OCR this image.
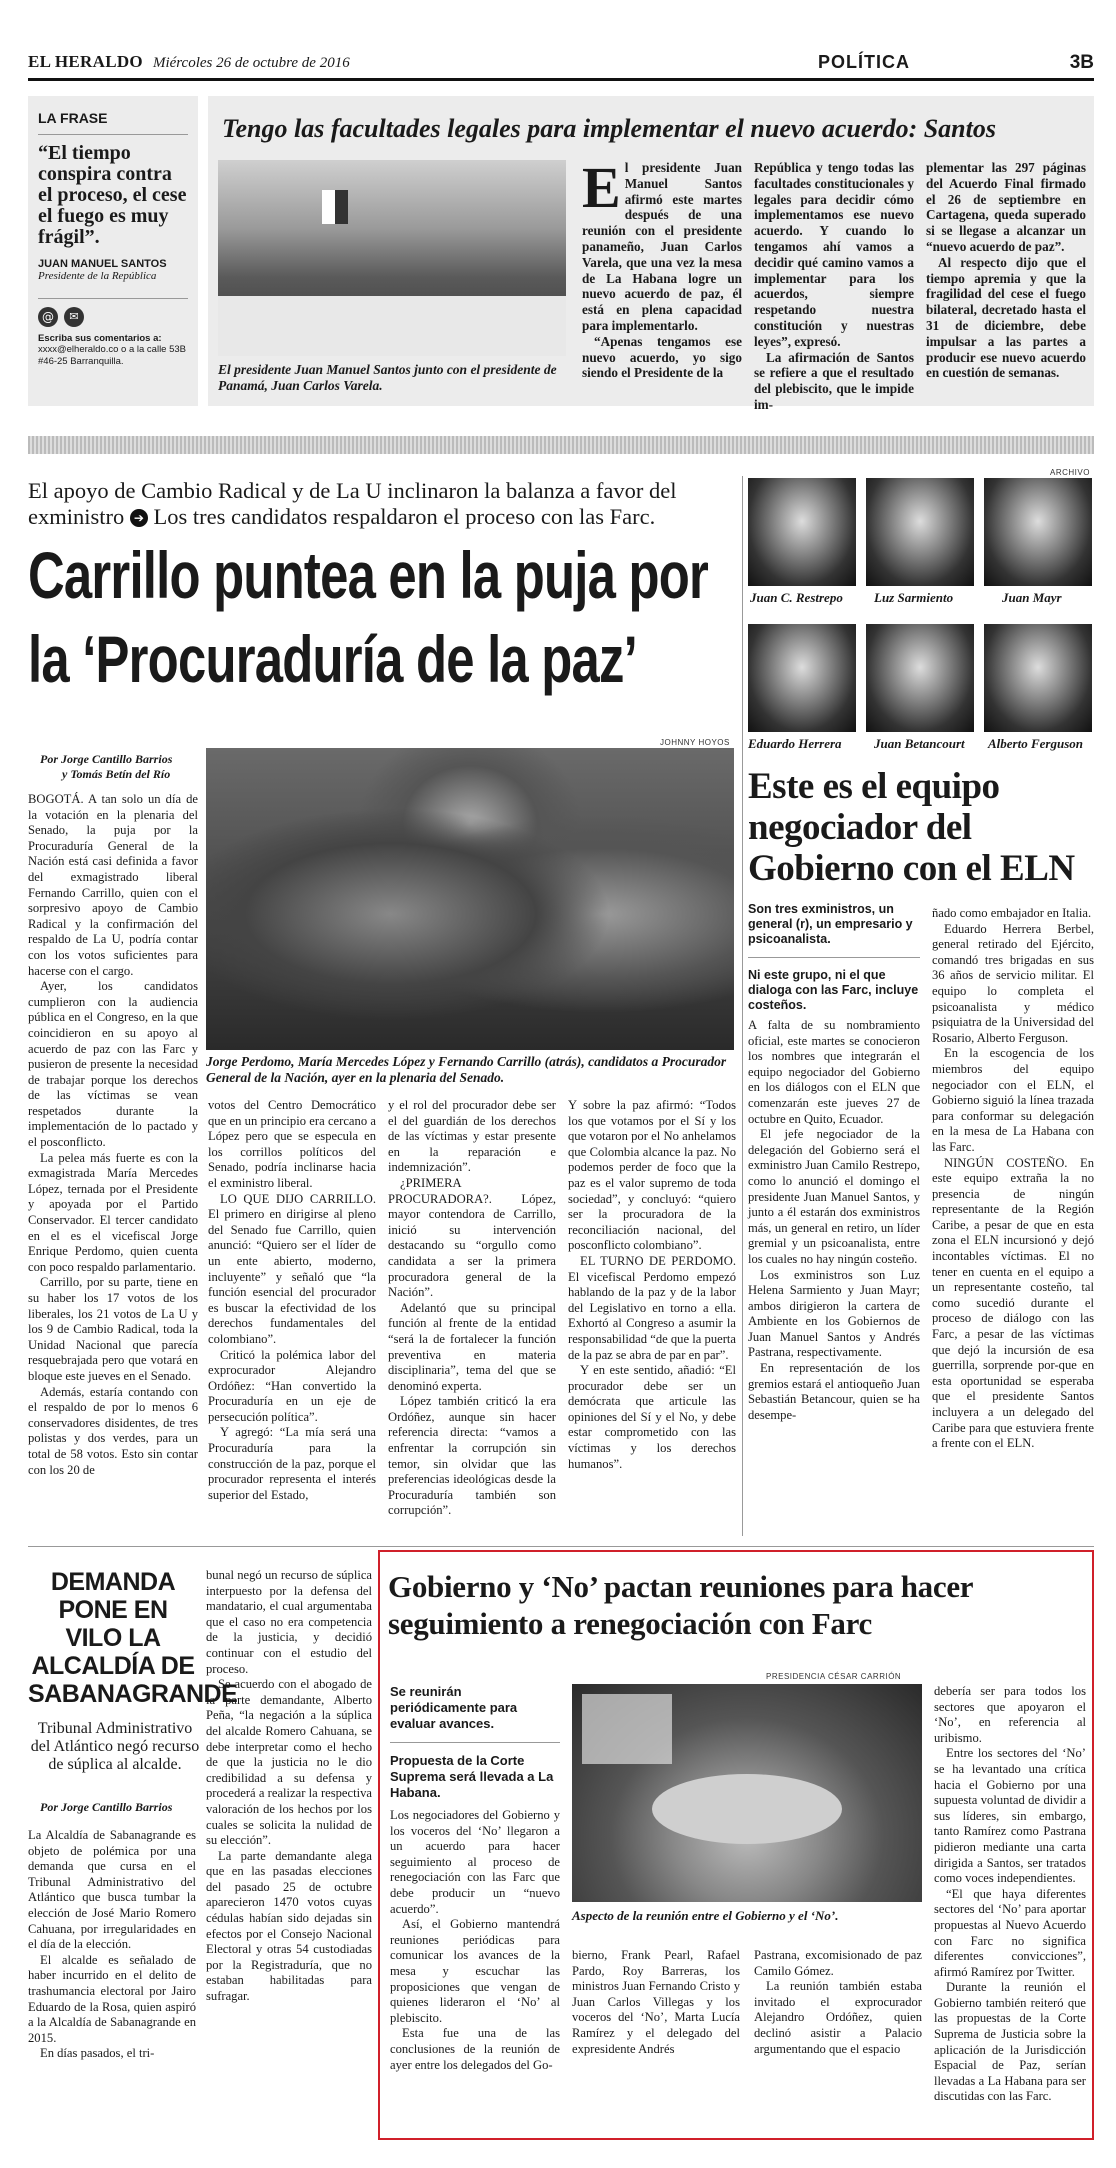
EL HERALDO Miércoles 26 de octubre de 2016	POLÍTICA	3B
LA FRASE
“El tiempo conspira contra el proceso, el cese el fuego es muy frágil”.
JUAN MANUEL SANTOS
Presidente de la República
@	✉
Escriba sus comentarios a:
xxxx@elheraldo.co o a la calle 53B #46-25 Barranquilla.
Tengo las facultades legales para implementar el nuevo acuerdo: Santos
El presidente Juan Manuel Santos junto con el presidente de Panamá, Juan Carlos Varela.
El presidente Juan Manuel Santos afirmó este martes después de una reunión con el presidente panameño, Juan Carlos Varela, que una vez la mesa de La Habana logre un nuevo acuerdo de paz, él está en plena capacidad para implementarlo.

“Apenas tengamos ese nuevo acuerdo, yo sigo siendo el Presidente de la

República y tengo todas las facultades constitucionales y legales para decidir cómo implementamos ese nuevo acuerdo. Y cuando lo tengamos ahí vamos a decidir qué camino vamos a implementar para los acuerdos, siempre respetando nuestra constitución y nuestras leyes”, expresó.

La afirmación de Santos se refiere a que el resultado del plebiscito, que le impide im-

plementar las 297 páginas del Acuerdo Final firmado el 26 de septiembre en Cartagena, queda superado si se llegase a alcanzar un “nuevo acuerdo de paz”.

Al respecto dijo que el tiempo apremia y que la fragilidad del cese el fuego bilateral, decretado hasta el 31 de diciembre, debe impulsar a las partes a producir ese nuevo acuerdo en cuestión de semanas.

El apoyo de Cambio Radical y de La U inclinaron la balanza a favor del exministro ➔ Los tres candidatos respaldaron el proceso con las Farc.
Carrillo puntea en la puja por
la ‘Procuraduría de la paz’
Por Jorge Cantillo Barrios
y Tomás Betín del Río
JOHNNY HOYOS
Jorge Perdomo, María Mercedes López y Fernando Carrillo (atrás), candidatos a Procurador General de la Nación, ayer en la plenaria del Senado.

BOGOTÁ. A tan solo un día de la votación en la plenaria del Senado, la puja por la Procuraduría General de la Nación está casi definida a favor del exmagistrado liberal Fernando Carrillo, quien con el sorpresivo apoyo de Cambio Radical y la confirmación del respaldo de La U, podría contar con los votos suficientes para hacerse con el cargo.

Ayer, los candidatos cumplieron con la audiencia pública en el Congreso, en la que coincidieron en su apoyo al acuerdo de paz con las Farc y pusieron de presente la necesidad de trabajar porque los derechos de las víctimas se vean respetados durante la implementación de lo pactado y el posconflicto.

La pelea más fuerte es con la exmagistrada María Mercedes López, ternada por el Presidente y apoyada por el Partido Conservador. El tercer candidato en el es el vicefiscal Jorge Enrique Perdomo, quien cuenta con poco respaldo parlamentario.

Carrillo, por su parte, tiene en su haber los 17 votos de los liberales, los 21 votos de La U y los 9 de Cambio Radical, toda la Unidad Nacional que parecía resquebrajada pero que votará en bloque este jueves en el Senado.

Además, estaría contando con el respaldo de por lo menos 6 conservadores disidentes, de tres polistas y dos verdes, para un total de 58 votos. Esto sin contar con los 20 de

votos del Centro Democrático que en un principio era cercano a López pero que se especula en los corrillos políticos del Senado, podría inclinarse hacia el exministro liberal.

LO QUE DIJO CARRILLO. El primero en dirigirse al pleno del Senado fue Carrillo, quien anunció: “Quiero ser el líder de un ente abierto, moderno, incluyente” y señaló que “la función esencial del procurador es buscar la efectividad de los derechos fundamentales del colombiano”.

Criticó la polémica labor del exprocurador Alejandro Ordóñez: “Han convertido la Procuraduría en un eje de persecución política”.

Y agregó: “La mía será una Procuraduría para la construcción de la paz, porque el procurador representa el interés superior del Estado,

y el rol del procurador debe ser el del guardián de los derechos de las víctimas y estar presente en la reparación e indemnización”.

¿PRIMERA PROCURADORA?. López, mayor contendora de Carrillo, inició su intervención destacando su “orgullo como candidata a ser la primera procuradora general de la Nación”.

Adelantó que su principal función al frente de la entidad “será la de fortalecer la función preventiva en materia disciplinaria”, tema del que se denominó experta.

López también criticó la era Ordóñez, aunque sin hacer referencia directa: “vamos a enfrentar la corrupción sin temor, sin olvidar que las preferencias ideológicas desde la Procuraduría también son corrupción”.

Y sobre la paz afirmó: “Todos los que votamos por el Sí y los que votaron por el No anhelamos que Colombia alcance la paz. No podemos perder de foco que la paz es el valor supremo de toda sociedad”, y concluyó: “quiero ser la procuradora de la reconciliación nacional, del posconflicto colombiano”.

EL TURNO DE PERDOMO. El vicefiscal Perdomo empezó hablando de la paz y de la labor del Legislativo en torno a ella. Exhortó al Congreso a asumir la responsabilidad “de que la puerta de la paz se abra de par en par”.

Y en este sentido, añadió: “El procurador debe ser un demócrata que articule las opiniones del Sí y el No, y debe estar comprometido con las víctimas y los derechos humanos”.

ARCHIVO
Juan C. Restrepo Luz Sarmiento	Juan Mayr
Eduardo Herrera Juan Betancourt Alberto Ferguson
Este es el equipo negociador del Gobierno con el ELN
Son tres exministros, un general (r), un empresario y psicoanalista.
Ni este grupo, ni el que dialoga con las Farc, incluye costeños.

A falta de su nombramiento oficial, este martes se conocieron los nombres que integrarán el equipo negociador del Gobierno en los diálogos con el ELN que comenzarán este jueves 27 de octubre en Quito, Ecuador.

El jefe negociador de la delegación del Gobierno será el exministro Juan Camilo Restrepo, como lo anunció el domingo el presidente Juan Manuel Santos, y junto a él estarán dos exministros más, un general en retiro, un líder gremial y un psicoanalista, entre los cuales no hay ningún costeño.

Los exministros son Luz Helena Sarmiento y Juan Mayr; ambos dirigieron la cartera de Ambiente en los Gobiernos de Juan Manuel Santos y Andrés Pastrana, respectivamente.

En representación de los gremios estará el antioqueño Juan Sebastián Betancour, quien se ha desempe-

ñado como embajador en Italia.

Eduardo Herrera Berbel, general retirado del Ejército, comandó tres brigadas en sus 36 años de servicio militar. El equipo lo completa el psicoanalista y médico psiquiatra de la Universidad del Rosario, Alberto Ferguson.

En la escogencia de los miembros del equipo negociador con el ELN, el Gobierno siguió la línea trazada para conformar su delegación en la mesa de La Habana con las Farc.

NINGÚN COSTEÑO. En este equipo extraña la no presencia de ningún representante de la Región Caribe, a pesar de que en esta zona el ELN incursionó y dejó incontables víctimas. El no tener en cuenta en el equipo a un representante costeño, tal como sucedió durante el proceso de diálogo con las Farc, a pesar de las víctimas que dejó la incursión de esa guerrilla, sorprende por-que en esta oportunidad se esperaba que el presidente Santos incluyera a un delegado del Caribe para que estuviera frente a frente con el ELN.

DEMANDA PONE EN VILO LA ALCALDÍA DE SABANAGRANDE
Tribunal Administrativo del Atlántico negó recurso de súplica al alcalde.
Por Jorge Cantillo Barrios

La Alcaldía de Sabanagrande es objeto de polémica por una demanda que cursa en el Tribunal Administrativo del Atlántico que busca tumbar la elección de José Mario Romero Cahuana, por irregularidades en el día de la elección.

El alcalde es señalado de haber incurrido en el delito de trashumancia electoral por Jairo Eduardo de la Rosa, quien aspiró a la Alcaldía de Sabanagrande en 2015.

En días pasados, el tri-

bunal negó un recurso de súplica interpuesto por la defensa del mandatario, el cual argumentaba que el caso no era competencia de la justicia, y decidió continuar con el estudio del proceso.

Se acuerdo con el abogado de la parte demandante, Alberto Peña, “la negación a la súplica del alcalde Romero Cahuana, se debe interpretar como el hecho de que la justicia no le dio credibilidad a su defensa y procederá a realizar la respectiva valoración de los hechos por los cuales se solicita la nulidad de su elección”.

La parte demandante alega que en las pasadas elecciones del pasado 25 de octubre aparecieron 1470 votos cuyas cédulas habían sido dejadas sin efectos por el Consejo Nacional Electoral y otras 54 custodiadas por la Registraduría, que no estaban habilitadas para sufragar.

Gobierno y ‘No’ pactan reuniones para hacer seguimiento a renegociación con Farc
Se reunirán periódicamente para evaluar avances.
Propuesta de la Corte Suprema será llevada a La Habana.

Los negociadores del Gobierno y los voceros del ‘No’ llegaron a un acuerdo para hacer seguimiento al proceso de renegociación con las Farc que debe producir un “nuevo acuerdo”.

Así, el Gobierno mantendrá reuniones periódicas para comunicar los avances de la mesa y escuchar las proposiciones que vengan de quienes lideraron el ‘No’ al plebiscito.

Esta fue una de las conclusiones de la reunión de ayer entre los delegados del Go-

PRESIDENCIA CÉSAR CARRIÓN
Aspecto de la reunión entre el Gobierno y el ‘No’.

bierno, Frank Pearl, Rafael Pardo, Roy Barreras, los ministros Juan Fernando Cristo y Juan Carlos Villegas y los voceros del ‘No’, Marta Lucía Ramírez y el delegado del expresidente Andrés

Pastrana, excomisionado de paz Camilo Gómez.

La reunión también estaba invitado el exprocurador Alejandro Ordóñez, quien declinó asistir a Palacio argumentando que el espacio

debería ser para todos los sectores que apoyaron el ‘No’, en referencia al uribismo.

Entre los sectores del ‘No’ se ha levantado una crítica hacia el Gobierno por una supuesta voluntad de dividir a sus líderes, sin embargo, tanto Ramírez como Pastrana pidieron mediante una carta dirigida a Santos, ser tratados como voces independientes.

“El que haya diferentes sectores del ‘No’ para aportar propuestas al Nuevo Acuerdo con Farc no significa diferentes convicciones”, afirmó Ramírez por Twitter.

Durante la reunión el Gobierno también reiteró que las propuestas de la Corte Suprema de Justicia sobre la aplicación de la Jurisdicción Espacial de Paz, serían llevadas a La Habana para ser discutidas con las Farc.
